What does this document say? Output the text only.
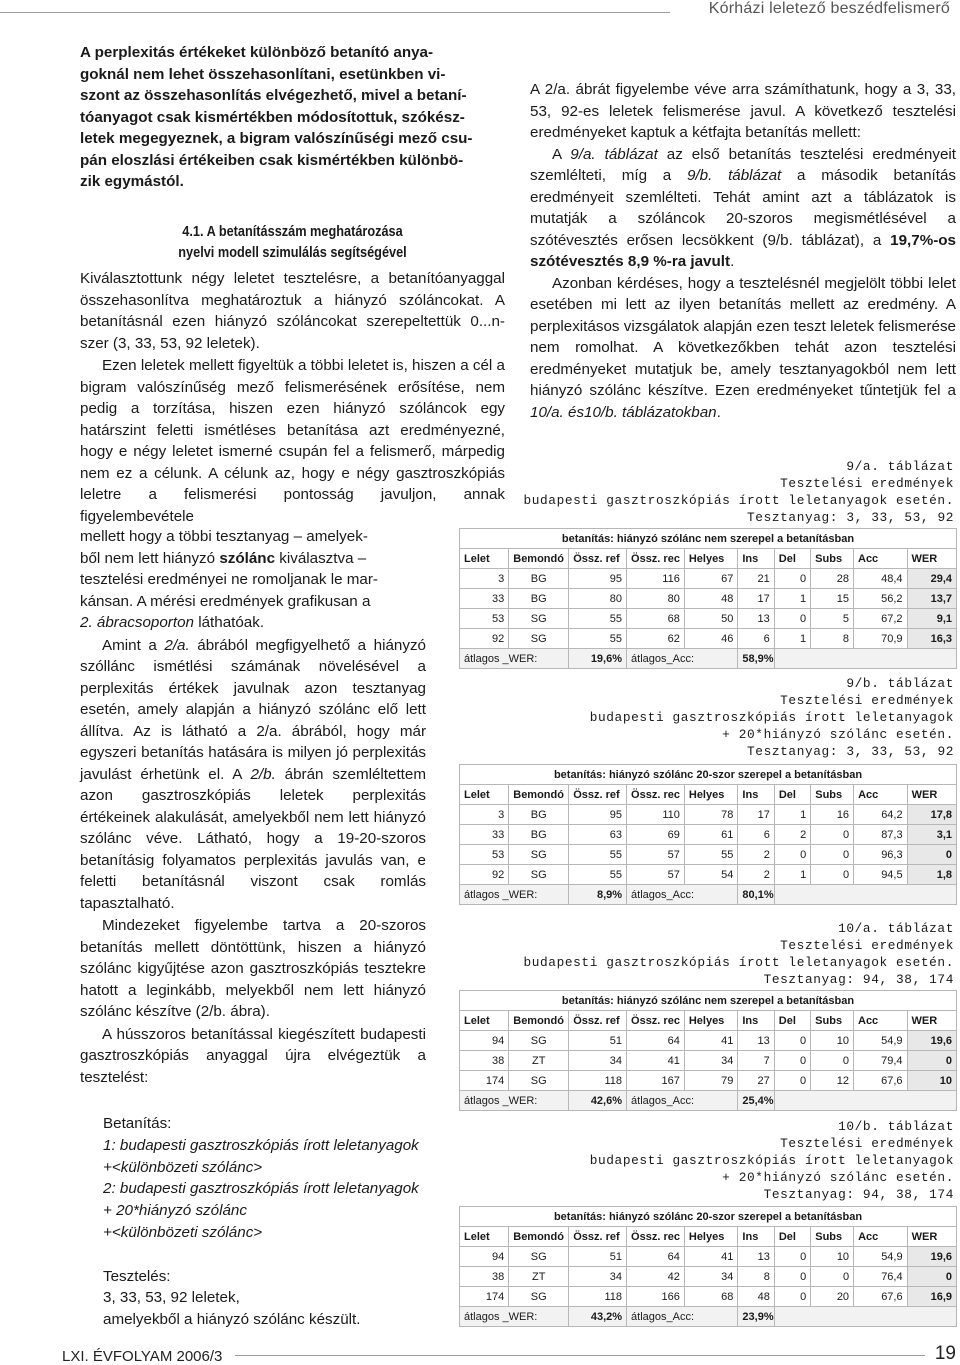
Kórházi leletező beszédfelismerő

A perplexitás értékeket különböző betanító anya-
goknál nem lehet összehasonlítani, esetünkben vi-
szont az összehasonlítás elvégezhető, mivel a betaní-
tóanyagot csak kismértékben módosítottuk, szókész-
letek megegyeznek, a bigram valószínűségi mező csu-
pán eloszlási értékeiben csak kismértékben különbö-
zik egymástól.

4.1. A betanításszám meghatározása
nyelvi modell szimulálás segítségével

Kiválasztottunk négy leletet tesztelésre, a betanítóanyaggal összehasonlítva meghatároztuk a hiányzó szóláncokat. A betanításnál ezen hiányzó szóláncokat szerepeltettük 0...n-szer (3, 33, 53, 92 leletek).

Ezen leletek mellett figyeltük a többi leletet is, hiszen a cél a bigram valószínűség mező felismerésének erősítése, nem pedig a torzítása, hiszen ezen hiányzó szóláncok egy határszint feletti ismétléses betanítása azt eredményezné, hogy e négy leletet ismerné csupán fel a felismerő, márpedig nem ez a célunk. A célunk az, hogy e négy gasztroszkópiás leletre a felismerési pontosság javuljon, annak figyelembevétele

mellett hogy a többi tesztanyag – amelyek-
ből nem lett hiányzó szólánc kiválasztva –
tesztelési eredményei ne romoljanak le mar-
kánsan. A mérési eredmények grafikusan a
2. ábracsoporton láthatóak.

Amint a 2/a. ábrából megfigyelhető a hiányzó szóllánc ismétlési számának növelésével a perplexitás értékek javulnak azon tesztanyag esetén, amely alapján a hiányzó szólánc elő lett állítva. Az is látható a 2/a. ábrából, hogy már egyszeri betanítás hatására is milyen jó perplexitás javulást érhetünk el. A 2/b. ábrán szemléltettem azon gasztroszkópiás leletek perplexitás értékeinek alakulását, amelyekből nem lett hiányzó szólánc véve. Látható, hogy a 19-20-szoros betanításig folyamatos perplexitás javulás van, e feletti betanításnál viszont csak romlás tapasztalható.

Mindezeket figyelembe tartva a 20-szoros betanítás mellett döntöttünk, hiszen a hiányzó szólánc kigyűjtése azon gasztroszkópiás tesztekre hatott a leginkább, melyekből nem lett hiányzó szólánc készítve (2/b. ábra).

A hússzoros betanítással kiegészített budapesti gasztroszkópiás anyaggal újra elvégeztük a tesztelést:

Betanítás:
1: budapesti gasztroszkópiás írott leletanyagok
+<különbözeti szólánc>
2: budapesti gasztroszkópiás írott leletanyagok
+ 20*hiányzó szólánc
+<különbözeti szólánc>
Tesztelés:
3, 33, 53, 92 leletek,
amelyekből a hiányzó szólánc készült.

A 2/a. ábrát figyelembe véve arra számíthatunk, hogy a 3, 33, 53, 92-es leletek felismerése javul. A következő tesztelési eredményeket kaptuk a kétfajta betanítás mellett:

A 9/a. táblázat az első betanítás tesztelési eredményeit szemlélteti, míg a 9/b. táblázat a második betanítás eredményeit szemlélteti. Tehát amint azt a táblázatok is mutatják a szóláncok 20-szoros megismétlésével a szótévesztés erősen lecsökkent (9/b. táblázat), a 19,7%-os szótévesztés 8,9 %-ra javult.

Azonban kérdéses, hogy a tesztelésnél megjelölt többi lelet esetében mi lett az ilyen betanítás mellett az eredmény. A perplexitásos vizsgálatok alapján ezen teszt leletek felismerése nem romolhat. A következőkben tehát azon tesztelési eredményeket mutatjuk be, amely tesztanyagokból nem lett hiányzó szólánc készítve. Ezen eredményeket tűntetjük fel a 10/a. és10/b. táblázatokban.

9/a. táblázat
Tesztelési eredmények
budapesti gasztroszkópiás írott leletanyagok esetén.
Tesztanyag: 3, 33, 53, 92
9/b. táblázat
Tesztelési eredmények
budapesti gasztroszkópiás írott leletanyagok
+ 20*hiányzó szólánc esetén.
Tesztanyag: 3, 33, 53, 92
10/a. táblázat
Tesztelési eredmények
budapesti gasztroszkópiás írott leletanyagok esetén.
Tesztanyag: 94, 38, 174
10/b. táblázat
Tesztelési eredmények
budapesti gasztroszkópiás írott leletanyagok
+ 20*hiányzó szólánc esetén.
Tesztanyag: 94, 38, 174
betanítás: hiányzó szólánc nem szerepel a betanításban									
Lelet	Bemondó	Össz. ref	Össz. rec	Helyes	Ins	Del	Subs	Acc	WER
3	BG	95	116	67	21	0	28	48,4	29,4
33	BG	80	80	48	17	1	15	56,2	13,7
53	SG	55	68	50	13	0	5	67,2	9,1
92	SG	55	62	46	6	1	8	70,9	16,3
átlagos _WER:		19,6%	átlagos_Acc:		58,9%				
betanítás: hiányzó szólánc 20-szor szerepel a betanításban									
Lelet	Bemondó	Össz. ref	Össz. rec	Helyes	Ins	Del	Subs	Acc	WER
3	BG	95	110	78	17	1	16	64,2	17,8
33	BG	63	69	61	6	2	0	87,3	3,1
53	SG	55	57	55	2	0	0	96,3	0
92	SG	55	57	54	2	1	0	94,5	1,8
átlagos _WER:		8,9%	átlagos_Acc:		80,1%				
betanítás: hiányzó szólánc nem szerepel a betanításban									
Lelet	Bemondó	Össz. ref	Össz. rec	Helyes	Ins	Del	Subs	Acc	WER
94	SG	51	64	41	13	0	10	54,9	19,6
38	ZT	34	41	34	7	0	0	79,4	0
174	SG	118	167	79	27	0	12	67,6	10
átlagos _WER:		42,6%	átlagos_Acc:		25,4%				
betanítás: hiányzó szólánc 20-szor szerepel a betanításban									
Lelet	Bemondó	Össz. ref	Össz. rec	Helyes	Ins	Del	Subs	Acc	WER
94	SG	51	64	41	13	0	10	54,9	19,6
38	ZT	34	42	34	8	0	0	76,4	0
174	SG	118	166	68	48	0	20	67,6	16,9
átlagos _WER:		43,2%	átlagos_Acc:		23,9%				
LXI. ÉVFOLYAM 2006/3	19
